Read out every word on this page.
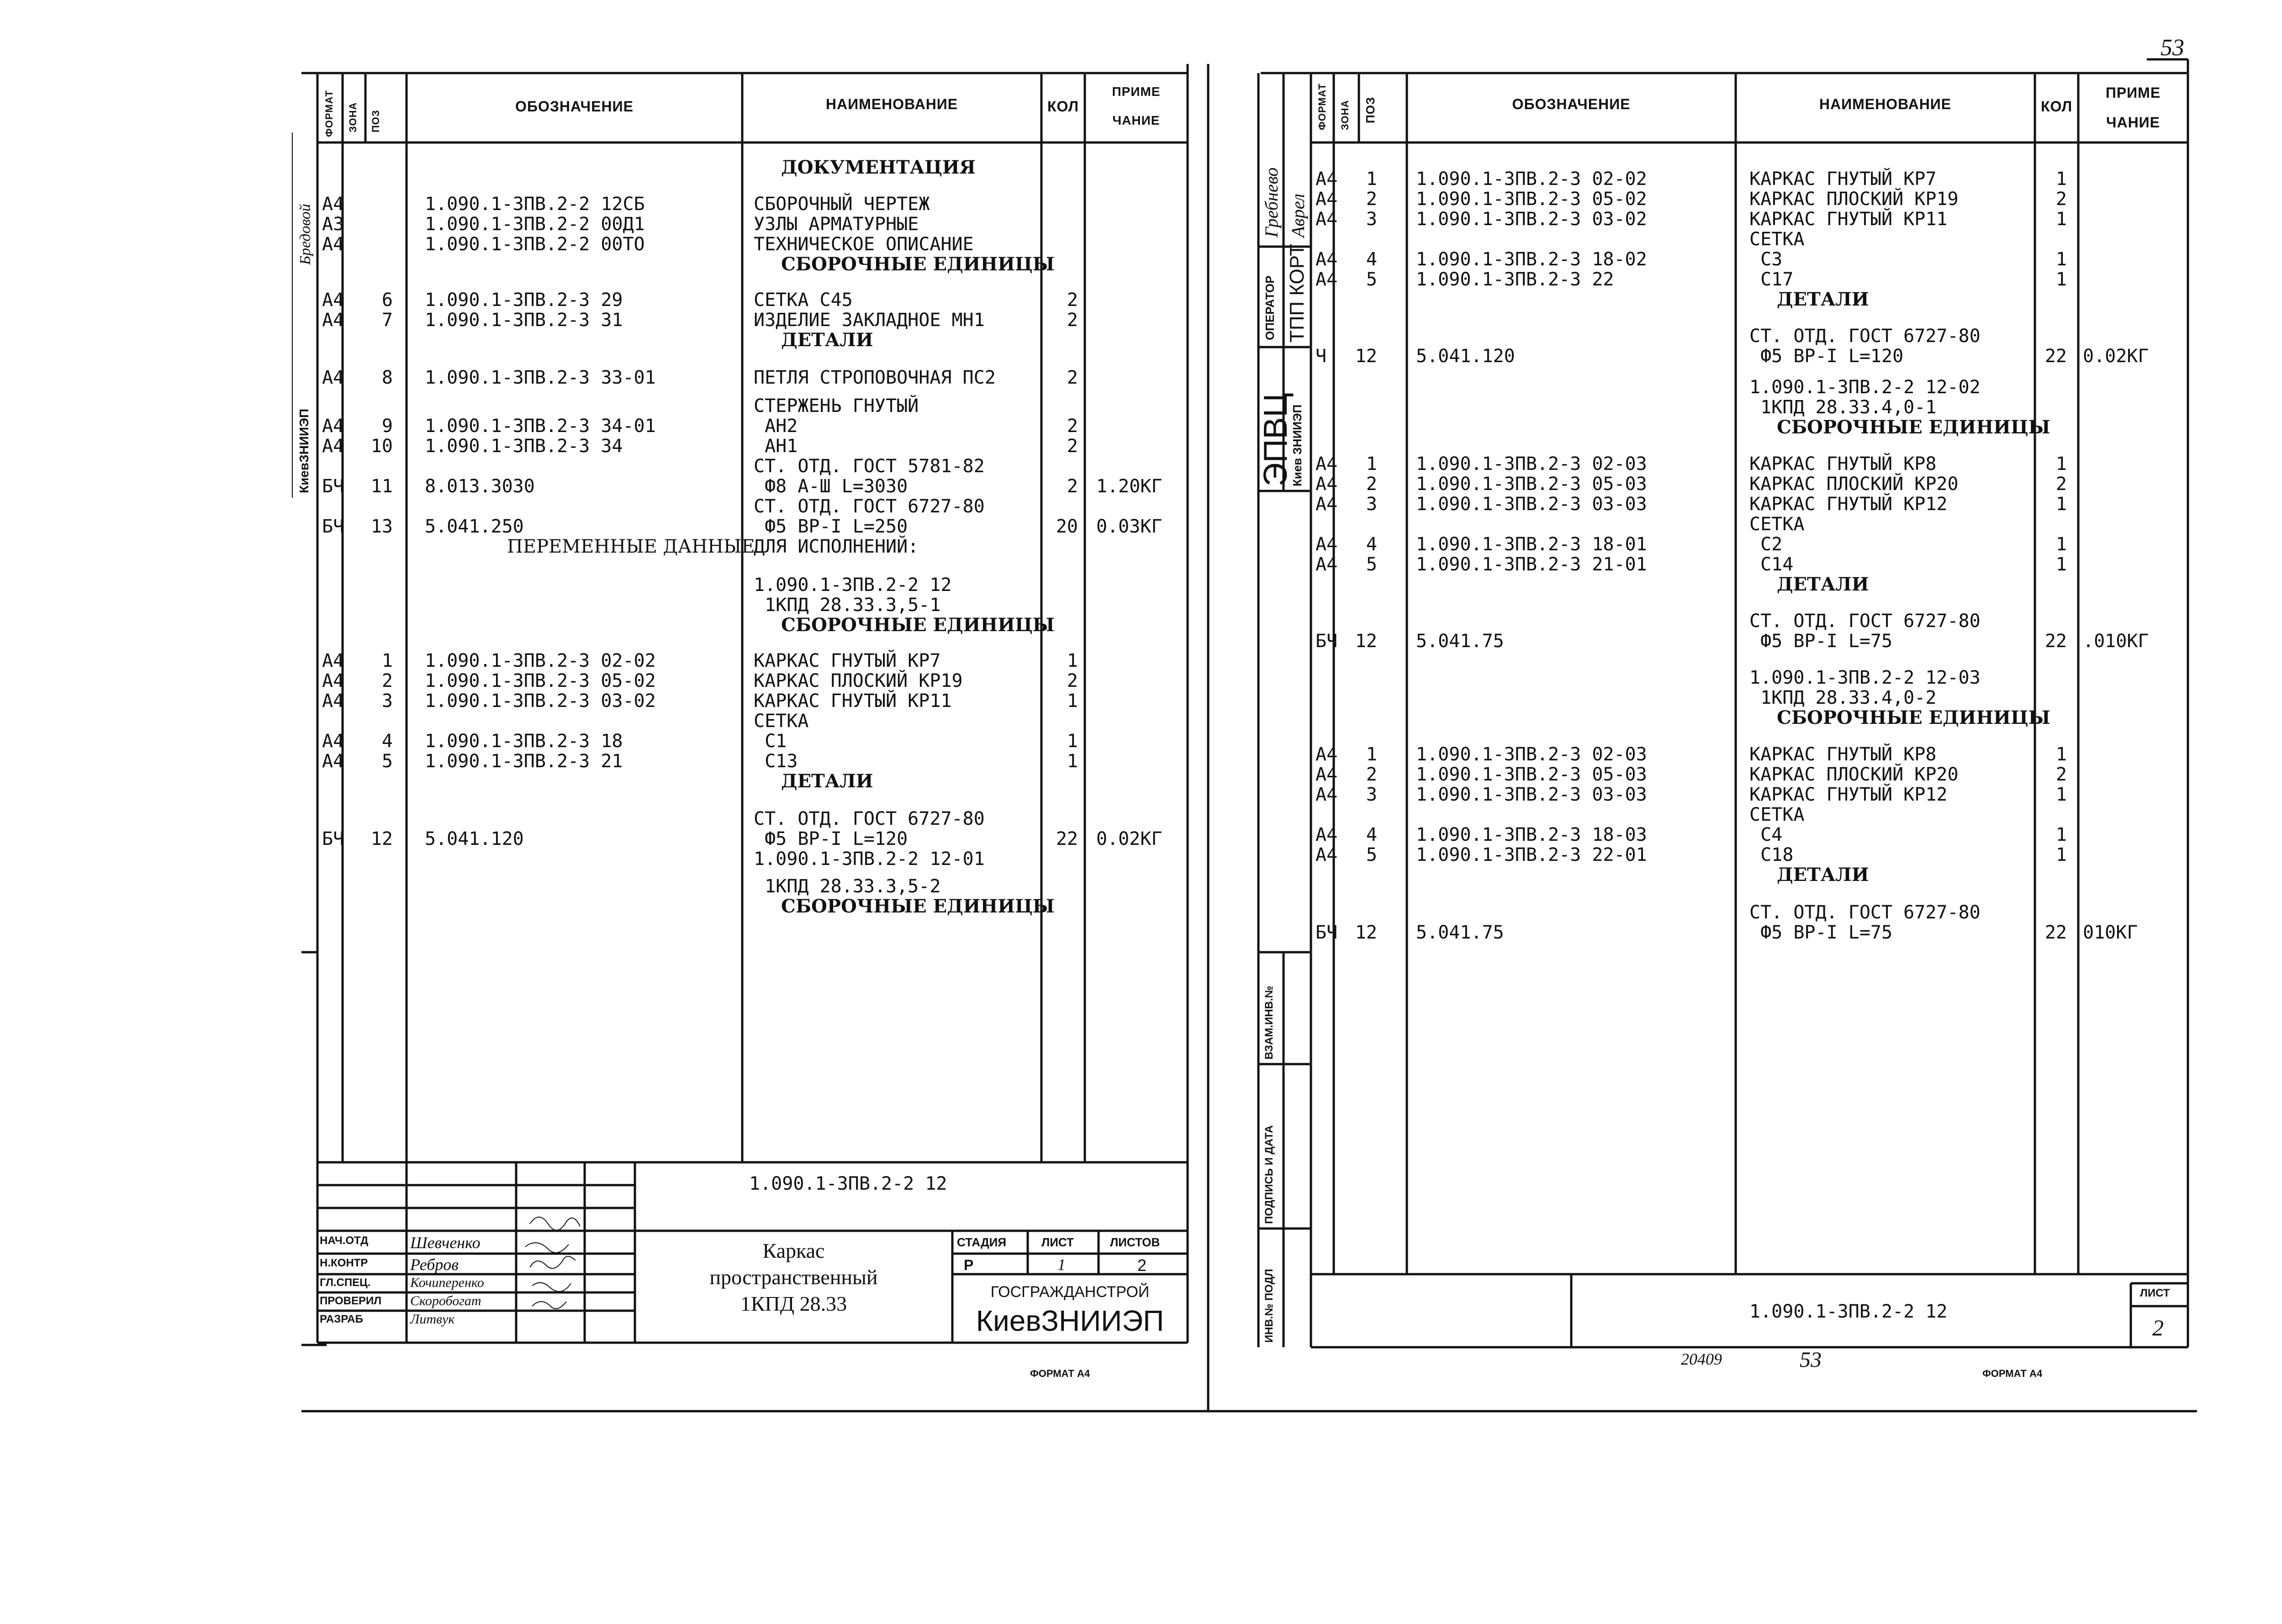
ФОРМАТ ЗОНА ПОЗ
ОБОЗНАЧЕНИЕ	НАИМЕНОВАНИЕ	КОЛ
ПРИМЕ
ЧАНИЕ	ФОРМАТ ЗОНА ПОЗ	ОБОЗНАЧЕНИЕ	НАИМЕНОВАНИЕ	КОЛ
ПРИМЕ
ЧАНИЕ
ДОКУМЕНТАЦИЯ
А4	1.090.1-3ПВ.2-2 12СБ	СБОРОЧНЫЙ ЧЕРТЕЖ
А3	1.090.1-3ПВ.2-2 00Д1	УЗЛЫ АРМАТУРНЫЕ
А4	1.090.1-3ПВ.2-2 00ТО	ТЕХНИЧЕСКОЕ ОПИСАНИЕ
СБОРОЧНЫЕ ЕДИНИЦЫ
А4	6 1.090.1-3ПВ.2-3 29	СЕТКА С45	2
А4	7 1.090.1-3ПВ.2-3 31	ИЗДЕЛИЕ ЗАКЛАДНОЕ МН1	2
ДЕТАЛИ
А4	8 1.090.1-3ПВ.2-3 33-01	ПЕТЛЯ СТРОПОВОЧНАЯ ПС2	2
СТЕРЖЕНЬ ГНУТЫЙ
А4	9 1.090.1-3ПВ.2-3 34-01	АН2	2
А4 10 1.090.1-3ПВ.2-3 34	АН1	2
СТ. ОТД. ГОСТ 5781-82
БЧ 11 8.013.3030	Ф8 А-Ш L=3030	2 1.20КГ
СТ. ОТД. ГОСТ 6727-80
БЧ 13 5.041.250	Ф5 ВР-I L=250	20 0.03КГ
ПЕРЕМЕННЫЕ ДАННЫЕ
ДЛЯ ИСПОЛНЕНИЙ:
1.090.1-3ПВ.2-2 12
1КПД 28.33.3,5-1
СБОРОЧНЫЕ ЕДИНИЦЫ
А4	1 1.090.1-3ПВ.2-3 02-02	КАРКАС ГНУТЫЙ КР7	1
А4	2 1.090.1-3ПВ.2-3 05-02	КАРКАС ПЛОСКИЙ КР19	2
А4	3 1.090.1-3ПВ.2-3 03-02	КАРКАС ГНУТЫЙ КР11	1
СЕТКА
А4	4 1.090.1-3ПВ.2-3 18	С1	1
А4	5 1.090.1-3ПВ.2-3 21	С13	1
ДЕТАЛИ
СТ. ОТД. ГОСТ 6727-80
БЧ 12 5.041.120	Ф5 ВР-I L=120	22 0.02КГ
1.090.1-3ПВ.2-2 12-01
1КПД 28.33.3,5-2
СБОРОЧНЫЕ ЕДИНИЦЫ
А4	1 1.090.1-3ПВ.2-3 02-02	КАРКАС ГНУТЫЙ КР7	1
А4	2 1.090.1-3ПВ.2-3 05-02	КАРКАС ПЛОСКИЙ КР19	2
А4	3 1.090.1-3ПВ.2-3 03-02	КАРКАС ГНУТЫЙ КР11	1
СЕТКА
А4	4 1.090.1-3ПВ.2-3 18-02	С3	1
А4	5 1.090.1-3ПВ.2-3 22	С17	1
ДЕТАЛИ
СТ. ОТД. ГОСТ 6727-80
Ч 12 5.041.120	Ф5 ВР-I L=120	22 0.02КГ
1.090.1-3ПВ.2-2 12-02
1КПД 28.33.4,0-1
СБОРОЧНЫЕ ЕДИНИЦЫ
А4	1 1.090.1-3ПВ.2-3 02-03	КАРКАС ГНУТЫЙ КР8	1
А4	2 1.090.1-3ПВ.2-3 05-03	КАРКАС ПЛОСКИЙ КР20	2
А4	3 1.090.1-3ПВ.2-3 03-03	КАРКАС ГНУТЫЙ КР12	1
СЕТКА
А4	4 1.090.1-3ПВ.2-3 18-01	С2	1
А4	5 1.090.1-3ПВ.2-3 21-01	С14	1
ДЕТАЛИ
СТ. ОТД. ГОСТ 6727-80
БЧ 12 5.041.75	Ф5 ВР-I L=75	22 .010КГ
1.090.1-3ПВ.2-2 12-03
1КПД 28.33.4,0-2
СБОРОЧНЫЕ ЕДИНИЦЫ
А4	1 1.090.1-3ПВ.2-3 02-03	КАРКАС ГНУТЫЙ КР8	1
А4	2 1.090.1-3ПВ.2-3 05-03	КАРКАС ПЛОСКИЙ КР20	2
А4	3 1.090.1-3ПВ.2-3 03-03	КАРКАС ГНУТЫЙ КР12	1
СЕТКА
А4	4 1.090.1-3ПВ.2-3 18-03	С4	1
А4	5 1.090.1-3ПВ.2-3 22-01	С18	1
ДЕТАЛИ
СТ. ОТД. ГОСТ 6727-80
БЧ 12 5.041.75	Ф5 ВР-I L=75	22 010КГ
1.090.1-3ПВ.2-2 12
Каркас
пространственный
1КПД 28.33
СТАДИЯ	ЛИСТ	ЛИСТОВ
Р	1	2
ГОСГРАЖДАНСТРОЙ
КиевЗНИИЭП
НАЧ.ОТД
Н.КОНТР
ГЛ.СПЕЦ.
ПРОВЕРИЛ
РАЗРАБ
Шевченко
Ребров
Кочиперенко
Скоробогат
Литвук
ФОРМАТ А4
1.090.1-3ПВ.2-2 12
ЛИСТ
2
20409	53
ФОРМАТ А4
53
КиевЗНИИЭП
Бредовой	Гребнево Аврел
ОПЕРАТОР ТПП КОРТ
ЭПВЦ
Киев ЗНИИЭП
ВЗАМ.ИНВ.№
ПОДПИСЬ И ДАТА
ИНВ.№ ПОДЛ
